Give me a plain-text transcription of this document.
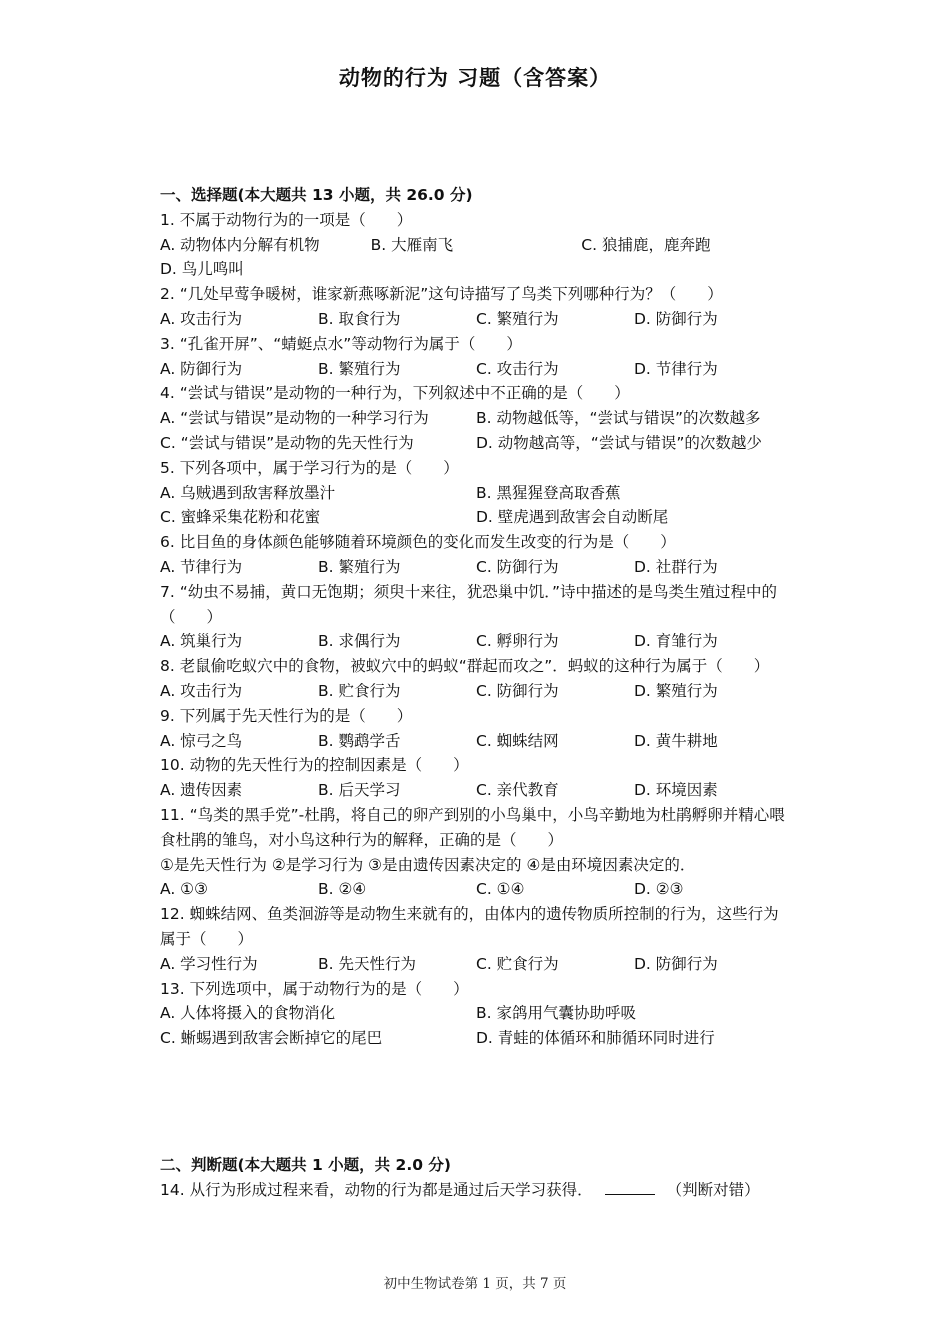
动物的行为 习题（含答案）
一、选择题(本大题共 13 小题，共 26.0 分)
1. 不属于动物行为的一项是（　　）
A. 动物体内分解有机物	B. 大雁南飞	C. 狼捕鹿，鹿奔跑
D. 鸟儿鸣叫
2. “几处早莺争暖树，谁家新燕啄新泥”这句诗描写了鸟类下列哪种行为？（　　）
A. 攻击行为	B. 取食行为	C. 繁殖行为	D. 防御行为
3. “孔雀开屏”、“蜻蜓点水”等动物行为属于（　　）
A. 防御行为	B. 繁殖行为	C. 攻击行为	D. 节律行为
4. “尝试与错误”是动物的一种行为，下列叙述中不正确的是（　　）
A. “尝试与错误”是动物的一种学习行为	B. 动物越低等，“尝试与错误”的次数越多
C. “尝试与错误”是动物的先天性行为	D. 动物越高等，“尝试与错误”的次数越少
5. 下列各项中，属于学习行为的是（　　）
A. 乌贼遇到敌害释放墨汁	B. 黑猩猩登高取香蕉
C. 蜜蜂采集花粉和花蜜	D. 壁虎遇到敌害会自动断尾
6. 比目鱼的身体颜色能够随着环境颜色的变化而发生改变的行为是（　　）
A. 节律行为	B. 繁殖行为	C. 防御行为	D. 社群行为
7. “幼虫不易捕，黄口无饱期；须臾十来往，犹恐巢中饥．”诗中描述的是鸟类生殖过程中的（　　）
A. 筑巢行为	B. 求偶行为	C. 孵卵行为	D. 育雏行为
8. 老鼠偷吃蚁穴中的食物，被蚁穴中的蚂蚁“群起而攻之”．蚂蚁的这种行为属于（　　）
A. 攻击行为	B. 贮食行为	C. 防御行为	D. 繁殖行为
9. 下列属于先天性行为的是（　　）
A. 惊弓之鸟	B. 鹦鹉学舌	C. 蜘蛛结网	D. 黄牛耕地
10. 动物的先天性行为的控制因素是（　　）
A. 遗传因素	B. 后天学习	C. 亲代教育	D. 环境因素
11. “鸟类的黑手党”-杜鹃，将自己的卵产到别的小鸟巢中，小鸟辛勤地为杜鹃孵卵并精心喂食杜鹃的雏鸟，对小鸟这种行为的解释，正确的是（　　）
①是先天性行为 ②是学习行为 ③是由遗传因素决定的 ④是由环境因素决定的．
A. ①③	B. ②④	C. ①④	D. ②③
12. 蜘蛛结网、鱼类洄游等是动物生来就有的，由体内的遗传物质所控制的行为，这些行为属于（　　）
A. 学习性行为	B. 先天性行为	C. 贮食行为	D. 防御行为
13. 下列选项中，属于动物行为的是（　　）
A. 人体将摄入的食物消化	B. 家鸽用气囊协助呼吸
C. 蜥蜴遇到敌害会断掉它的尾巴	D. 青蛙的体循环和肺循环同时进行
二、判断题(本大题共 1 小题，共 2.0 分)
14. 从行为形成过程来看，动物的行为都是通过后天学习获得．	（判断对错）
初中生物试卷第 1 页，共 7 页
